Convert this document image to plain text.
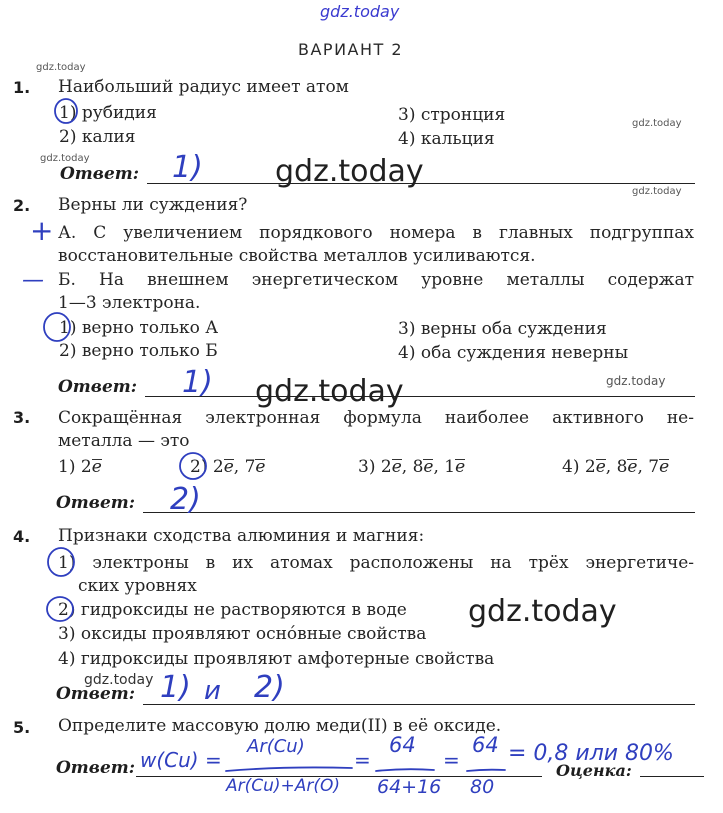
gdz.today
gdz.today
gdz.today
gdz.today
gdz.today
gdz.today
gdz.today
ВАРИАНТ 2
1. Наибольший радиус имеет атом
1) рубидия	3) стронция
2) калия	4) кальция
Ответ: 1) gdz.today
2. Верны ли суждения?
+ А. С увеличением порядкового номера в главных подгруппах
восстановительные свойства металлов усиливаются.
— Б. На внешнем энергетическом уровне металлы содержат
1—3 электрона.
1) верно только А	3) верны оба суждения
2) верно только Б	4) оба суждения неверны
Ответ: 1) gdz.today
3. Сокращённая электронная формула наиболее активного не-
металла — это
1) 2e	2) 2e, 7e	3) 2e, 8e, 1e	4) 2e, 8e, 7e
Ответ: 2)
4. Признаки сходства алюминия и магния:
1) электроны в их атомах расположены на трёх энергетиче-
ских уровнях
2) гидроксиды не растворяются в воде
3) оксиды проявляют оснóвные свойства
4) гидроксиды проявляют амфотерные свойства
gdz.today
Ответ: 1) и 2)
5. Определите массовую долю меди(II) в её оксиде.
Ответ:	Оценка:
w(Cu) =
Ar(Cu)
Ar(Cu)+Ar(O)
=
64
64+16
=
64
80
= 0,8 или 80%
